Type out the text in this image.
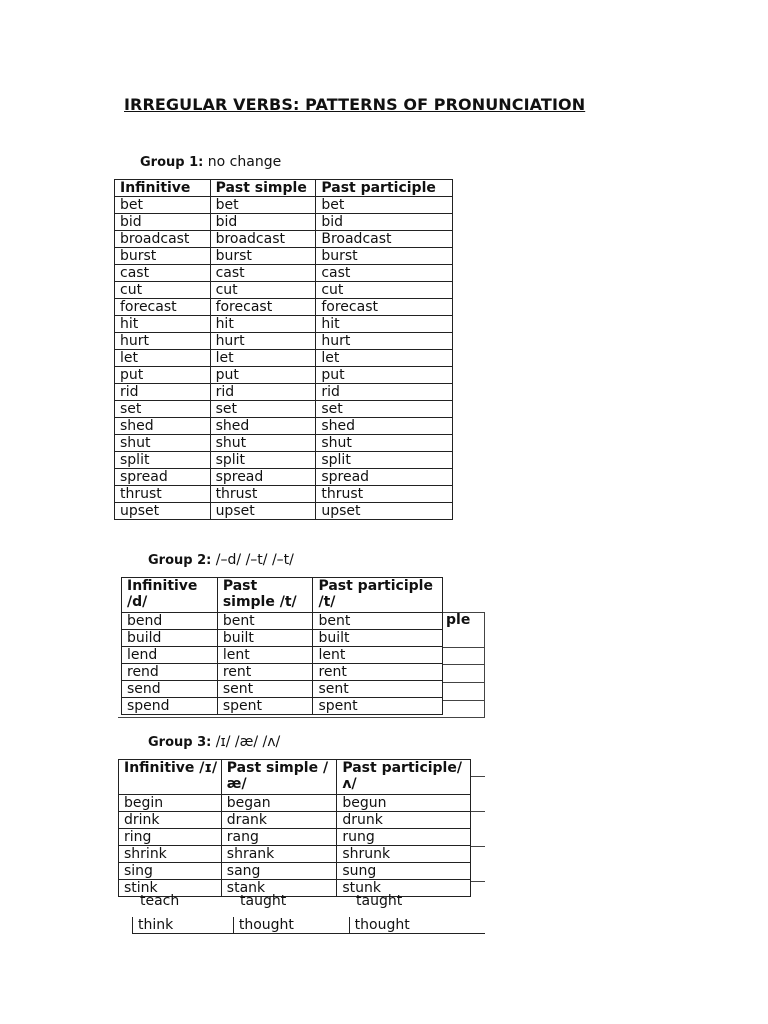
IRREGULAR VERBS: PATTERNS OF PRONUNCIATION
Group 1: no change
Infinitive	Past simple	Past participle
bet	bet	bet
bid	bid	bid
broadcast	broadcast	Broadcast
burst	burst	burst
cast	cast	cast
cut	cut	cut
forecast	forecast	forecast
hit	hit	hit
hurt	hurt	hurt
let	let	let
put	put	put
rid	rid	rid
set	set	set
shed	shed	shed
shut	shut	shut
split	split	split
spread	spread	spread
thrust	thrust	thrust
upset	upset	upset
Group 2: /–d/ /–t/ /–t/
ple
Infinitive /d/	Past simple /t/	Past participle /t/
bend	bent	bent
build	built	built
lend	lent	lent
rend	rent	rent
send	sent	sent
spend	spent	spent
Group 3: /ɪ/ /æ/ /ʌ/
Infinitive /ɪ/	Past simple /æ/	Past participle/ʌ/
begin	began	begun
drink	drank	drunk
ring	rang	rung
shrink	shrank	shrunk
sing	sang	sung
stink	stank	stunk
teach	taught	taught
think	thought	thought
